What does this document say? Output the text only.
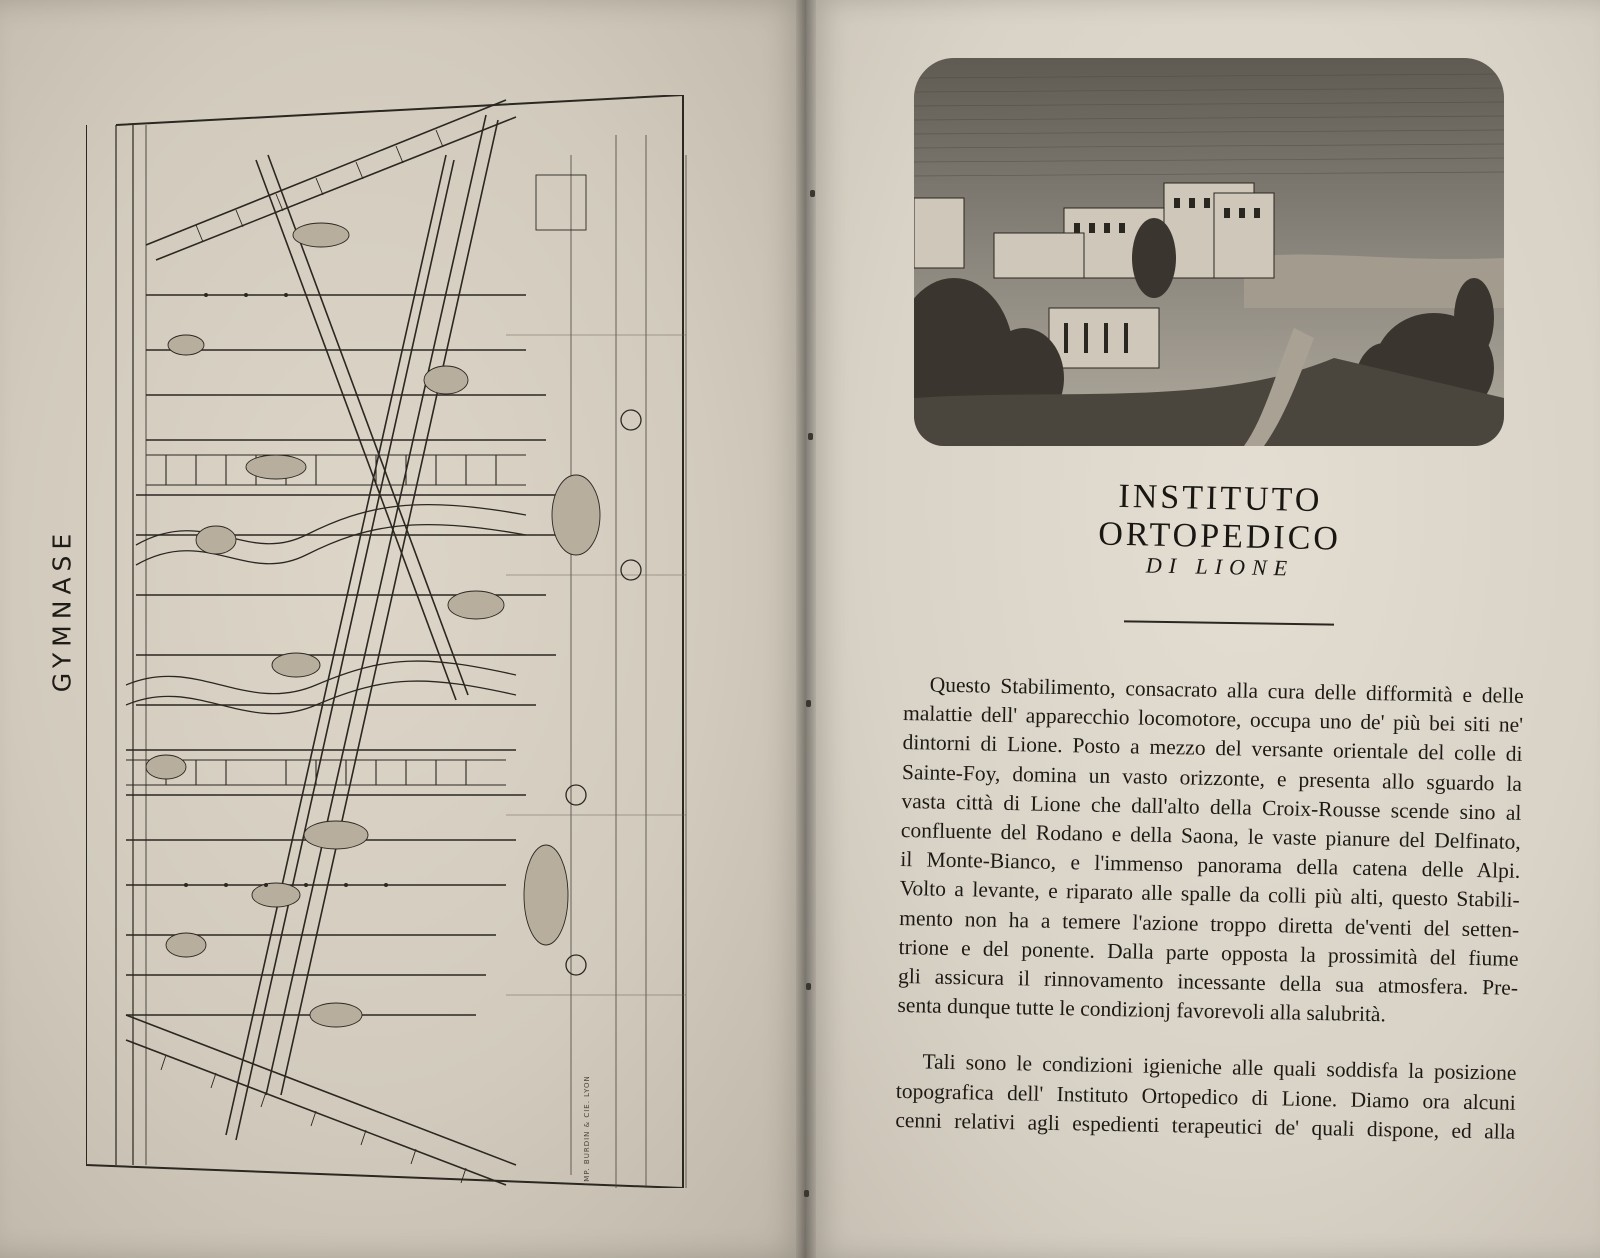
GYMNASE
IMP. BURDIN & CIE. LYON
INSTITUTO ORTOPEDICO
DI LIONE

Questo Stabilimento, consacrato alla cura delle difformità e delle
malattie dell' apparecchio locomotore, occupa uno de' più bei siti ne'
dintorni di Lione. Posto a mezzo del versante orientale del colle di
Sainte-Foy, domina un vasto orizzonte, e presenta allo sguardo la
vasta città di Lione che dall'alto della Croix-Rousse scende sino al
confluente del Rodano e della Saona, le vaste pianure del Delfinato,
il Monte-Bianco, e l'immenso panorama della catena delle Alpi.
Volto a levante, e riparato alle spalle da colli più alti, questo Stabili-
mento non ha a temere l'azione troppo diretta de'venti del setten-
trione e del ponente. Dalla parte opposta la prossimità del fiume
gli assicura il rinnovamento incessante della sua atmosfera. Pre-
senta dunque tutte le condizionj favorevoli alla salubrità.

Tali sono le condizioni igieniche alle quali soddisfa la posizione
topografica dell' Instituto Ortopedico di Lione. Diamo ora alcuni
cenni relativi agli espedienti terapeutici de' quali dispone, ed alla
